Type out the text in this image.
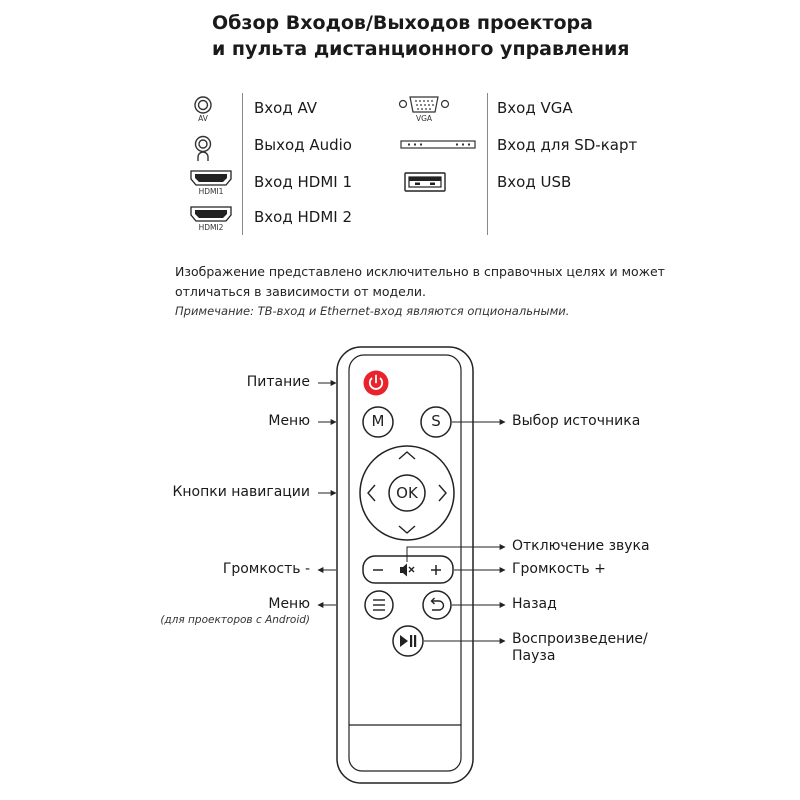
Обзор Входов/Выходов проектора
и пульта дистанционного управления
AV
HDMI1
HDMI2
Вход AV
Выход Audio
Вход HDMI 1
Вход HDMI 2
VGA
Вход VGA
Вход для SD-карт
Вход USB
Изображение представлено исключительно в справочных целях и может
отличаться в зависимости от модели.
Примечание: ТВ-вход и Ethernet-вход являются опциональными.
M	S
OK
Питание
Меню	Выбор источника
Кнопки навигации
Отключение звука
Громкость -	Громкость +
Меню
(для проекторов с Android)
Назад
Воспроизведение/
Пауза
